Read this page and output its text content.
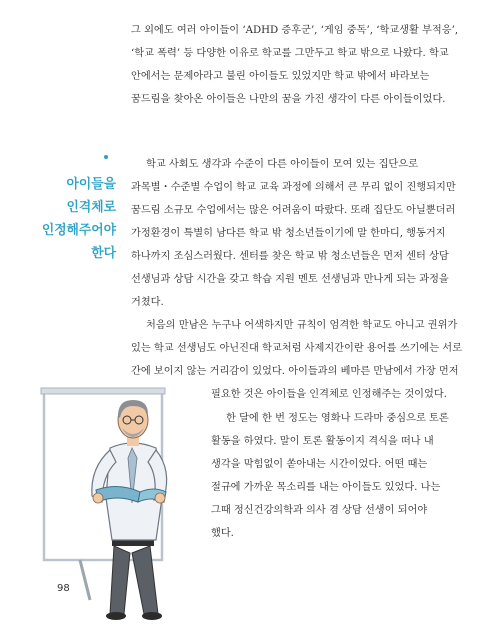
그 외에도 여러 아이들이 ‘ADHD 증후군’, ‘게임 중독’, ‘학교생활 부적응’,
‘학교 폭력’ 등 다양한 이유로 학교를 그만두고 학교 밖으로 나왔다. 학교
안에서는 문제아라고 불린 아이들도 있었지만 학교 밖에서 바라보는
꿈드림을 찾아온 아이들은 나만의 꿈을 가진 생각이 다른 아이들이었다.
아이들을
인격체로
인정해주어야
한다
학교 사회도 생각과 수준이 다른 아이들이 모여 있는 집단으로
과목별・수준별 수업이 학교 교육 과정에 의해서 큰 무리 없이 진행되지만
꿈드림 소규모 수업에서는 많은 어려움이 따랐다. 또래 집단도 아닐뿐더러
가정환경이 특별히 남다른 학교 밖 청소년들이기에 말 한마디, 행동거지
하나까지 조심스러웠다. 센터를 찾은 학교 밖 청소년들은 먼저 센터 상담
선생님과 상담 시간을 갖고 학습 지원 멘토 선생님과 만나게 되는 과정을
거쳤다.
처음의 만남은 누구나 어색하지만 규칙이 엄격한 학교도 아니고 권위가
있는 학교 선생님도 아닌진대 학교처럼 사제지간이란 용어를 쓰기에는 서로
간에 보이지 않는 거리감이 있었다. 아이들과의 베마른 만남에서 가장 먼저
필요한 것은 아이들을 인격체로 인정해주는 것이었다.
한 달에 한 번 정도는 영화나 드라마 중심으로 토론
활동을 하였다. 말이 토론 활동이지 격식을 떠나 내
생각을 막힘없이 쏟아내는 시간이었다. 어떤 때는
절규에 가까운 목소리를 내는 아이들도 있었다. 나는
그때 정신건강의학과 의사 겸 상담 선생이 되어야
했다.
98
